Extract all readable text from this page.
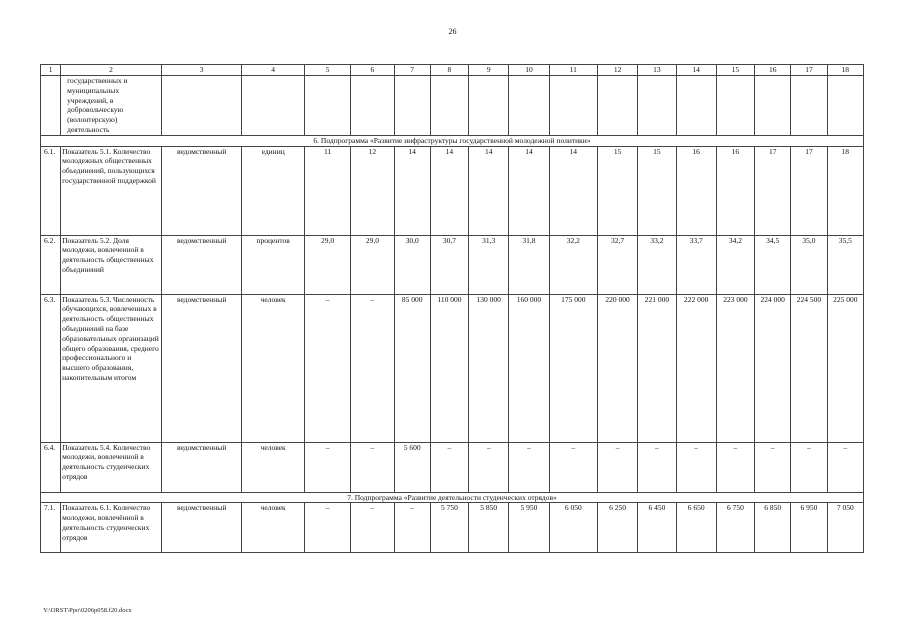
26
1	2	3	4	5	6	7	8	9	10	11	12	13	14	15	16	17	18
	государственных и муниципальных учреждений, в добровольческую (волонтерскую) деятельность																
6. Подпрограмма «Развитие инфраструктуры государственной молодежной политики»																	
6.1.	Показатель 5.1. Количество молодежных общественных объединений, пользующихся государственной поддержкой	ведомственный	единиц	11	12	14	14	14	14	14	15	15	16	16	17	17	18
6.2.	Показатель 5.2. Доля молодежи, вовлеченной в деятельность общественных объединений	ведомственный	процентов	29,0	29,0	30,0	30,7	31,3	31,8	32,2	32,7	33,2	33,7	34,2	34,5	35,0	35,5
6.3.	Показатель 5.3. Численность обучающихся, вовлеченных в деятельность общественных объединений на базе образовательных организаций общего образования, среднего профессионального и высшего образования, накопительным итогом	ведомственный	человек	–	–	85 000	110 000	130 000	160 000	175 000	220 000	221 000	222 000	223 000	224 000	224 500	225 000
6.4.	Показатель 5.4. Количество молодежи, вовлеченной в деятельность студенческих отрядов	ведомственный	человек	–	–	5 600	–	–	–	–	–	–	–	–	–	–	–
7. Подпрограмма «Развитие деятельности студенческих отрядов»																	
7.1.	Показатель 6.1. Количество молодежи, вовлечённой в деятельность студенческих отрядов	ведомственный	человек	–	–	–	5 750	5 850	5 950	6 050	6 250	6 450	6 650	6 750	6 850	6 950	7 050
Y:\ORST\Ppo\0206p058.f20.docx
